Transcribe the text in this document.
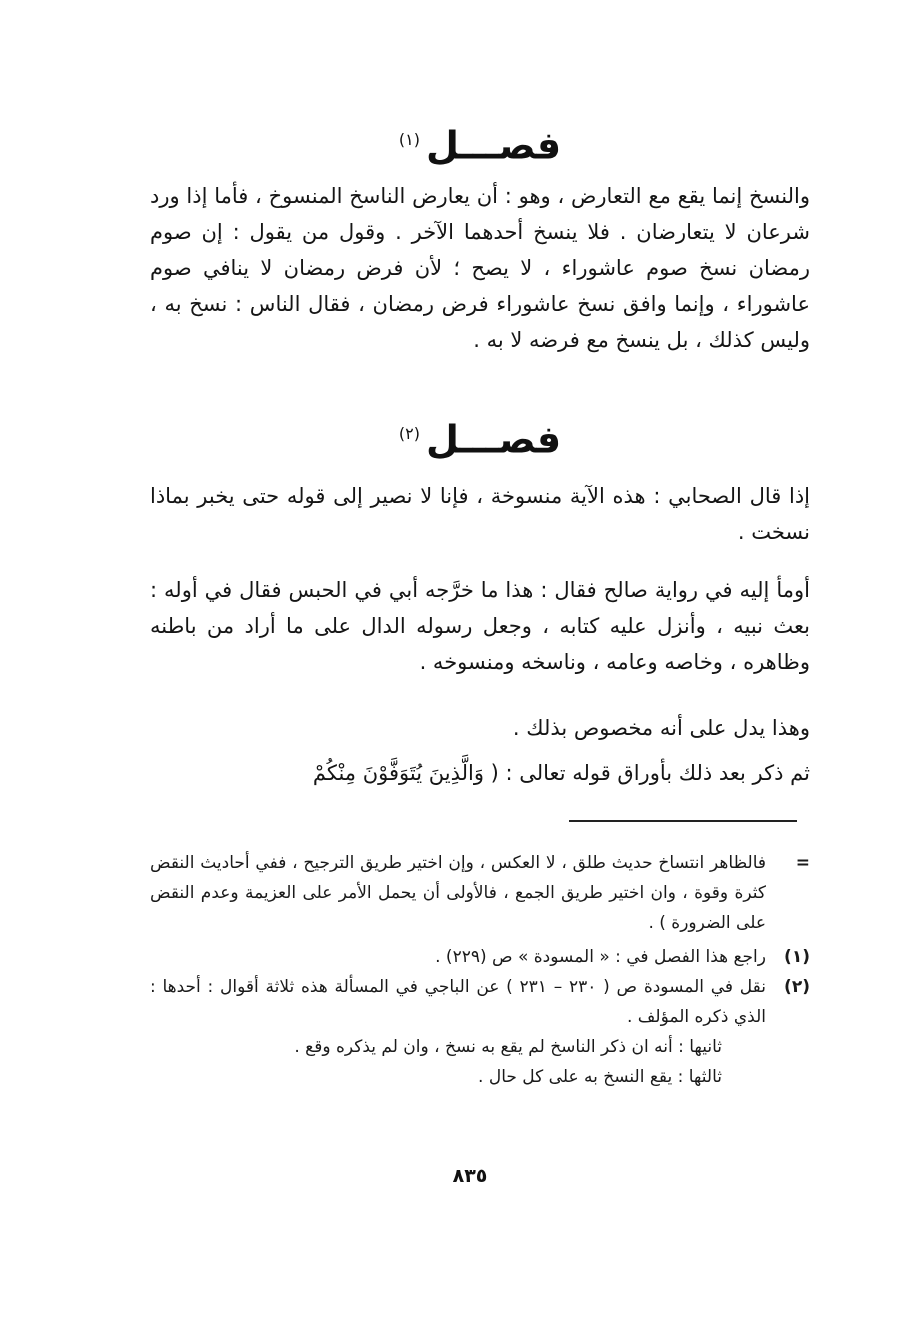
فصـــل$^{(١)}$

والنسخ إنما يقع مع التعارض ، وهو : أن يعارض الناسخ المنسوخ ، فأما إذا ورد شرعان لا يتعارضان . فلا ينسخ أحدهما الآخر . وقول من يقول : إن صوم رمضان نسخ صوم عاشوراء ، لا يصح ؛ لأن فرض رمضان لا ينافي صوم عاشوراء ، وإنما وافق نسخ عاشوراء فرض رمضان ، فقال الناس : نسخ به ، وليس كذلك ، بل ينسخ مع فرضه لا به .

فصـــل$^{(٢)}$

إذا قال الصحابي : هذه الآية منسوخة ، فإنا لا نصير إلى قوله حتى يخبر بماذا نسخت .

أومأ إليه في رواية صالح فقال : هذا ما خرَّجه أبي في الحبس فقال في أوله : بعث نبيه ، وأنزل عليه كتابه ، وجعل رسوله الدال على ما أراد من باطنه وظاهره ، وخاصه وعامه ، وناسخه ومنسوخه .

وهذا يدل على أنه مخصوص بذلك .

ثم ذكر بعد ذلك بأوراق قوله تعالى : ( وَالَّذِينَ يُتَوَفَّوْنَ مِنْكُمْ

=
فالظاهر انتساخ حديث طلق ، لا العكس ، وإن اختير طريق الترجيح ، ففي أحاديث النقض كثرة وقوة ، وان اختير طريق الجمع ، فالأولى أن يحمل الأمر على العزيمة وعدم النقض على الضرورة ) .
(١)
راجع هذا الفصل في : « المسودة » ص (٢٢٩) .
(٢)
نقل في المسودة ص ( ٢٣٠ – ٢٣١ ) عن الباجي في المسألة هذه ثلاثة أقوال : أحدها : الذي ذكره المؤلف .

ثانيها : أنه ان ذكر الناسخ لم يقع به نسخ ، وان لم يذكره وقع .

ثالثها : يقع النسخ به على كل حال .

٨٣٥
